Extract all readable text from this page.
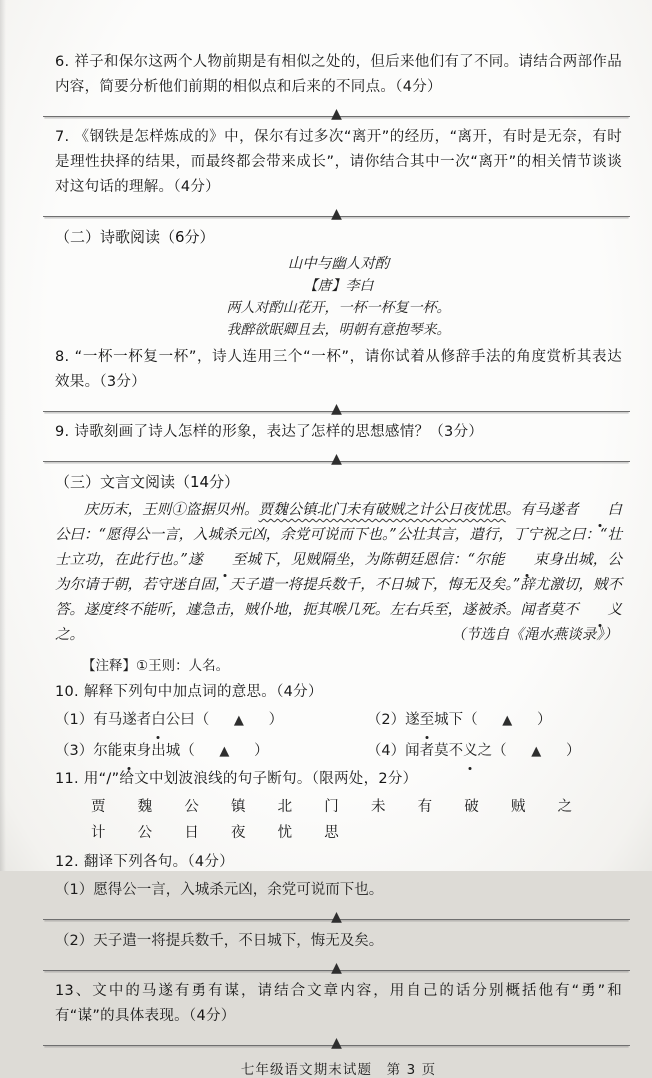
6. 祥子和保尔这两个人物前期是有相似之处的，但后来他们有了不同。请结合两部作品内容，简要分析他们前期的相似点和后来的不同点。（4分）

▲

7. 《钢铁是怎样炼成的》中，保尔有过多次“离开”的经历，“离开，有时是无奈，有时是理性抉择的结果，而最终都会带来成长”，请你结合其中一次“离开”的相关情节谈谈对这句话的理解。（4分）

▲
（二）诗歌阅读（6分）
山中与幽人对酌
【唐】李白
两人对酌山花开，一杯一杯复一杯。
我醉欲眠卿且去，明朝有意抱琴来。

8. “一杯一杯复一杯”，诗人连用三个“一杯”，请你试着从修辞手法的角度赏析其表达效果。（3分）

▲

9. 诗歌刻画了诗人怎样的形象，表达了怎样的思想感情？（3分）

▲
（三）文言文阅读（14分）

庆历末，王则①盗据贝州。贾魏公镇北门未有破贼之计公日夜忧思。有马遂者 白公曰：“愿得公一言，入城杀元凶，余党可说而下也。”公壮其言，遣行，丁宁祝之曰：“壮士立功，在此行也。”遂 至城下，见贼隔坐，为陈朝廷恩信：“尔能 束身出城，公为尔请于朝，若守迷自固，天子遣一将提兵数千，不日城下，悔无及矣。”辞尤激切，贼不答。遂度终不能听，遽急击，贼仆地，扼其喉几死。左右兵至，遂被杀。闻者莫不 义之。	（节选自《渑水燕谈录》）
【注释】①王则：人名。

10. 解释下列句中加点词的意思。（4分）

（1）有马遂者白公曰（ ▲ ）	（2）遂至城下（ ▲ ）
（3）尔能束身出城（ ▲ ）	（4）闻者莫不义之（ ▲ ）

11. 用“/”给文中划波浪线的句子断句。（限两处，2分）

贾 魏 公 镇 北 门 未 有 破 贼 之 计 公 日 夜 忧 思

12. 翻译下列各句。（4分）

（1）愿得公一言，入城杀元凶，余党可说而下也。

▲

（2）天子遣一将提兵数千，不日城下，悔无及矣。

▲

13、文中的马遂有勇有谋，请结合文章内容，用自己的话分别概括他有“勇”和有“谋”的具体表现。（4分）

▲
七年级语文期末试题　第 3 页
